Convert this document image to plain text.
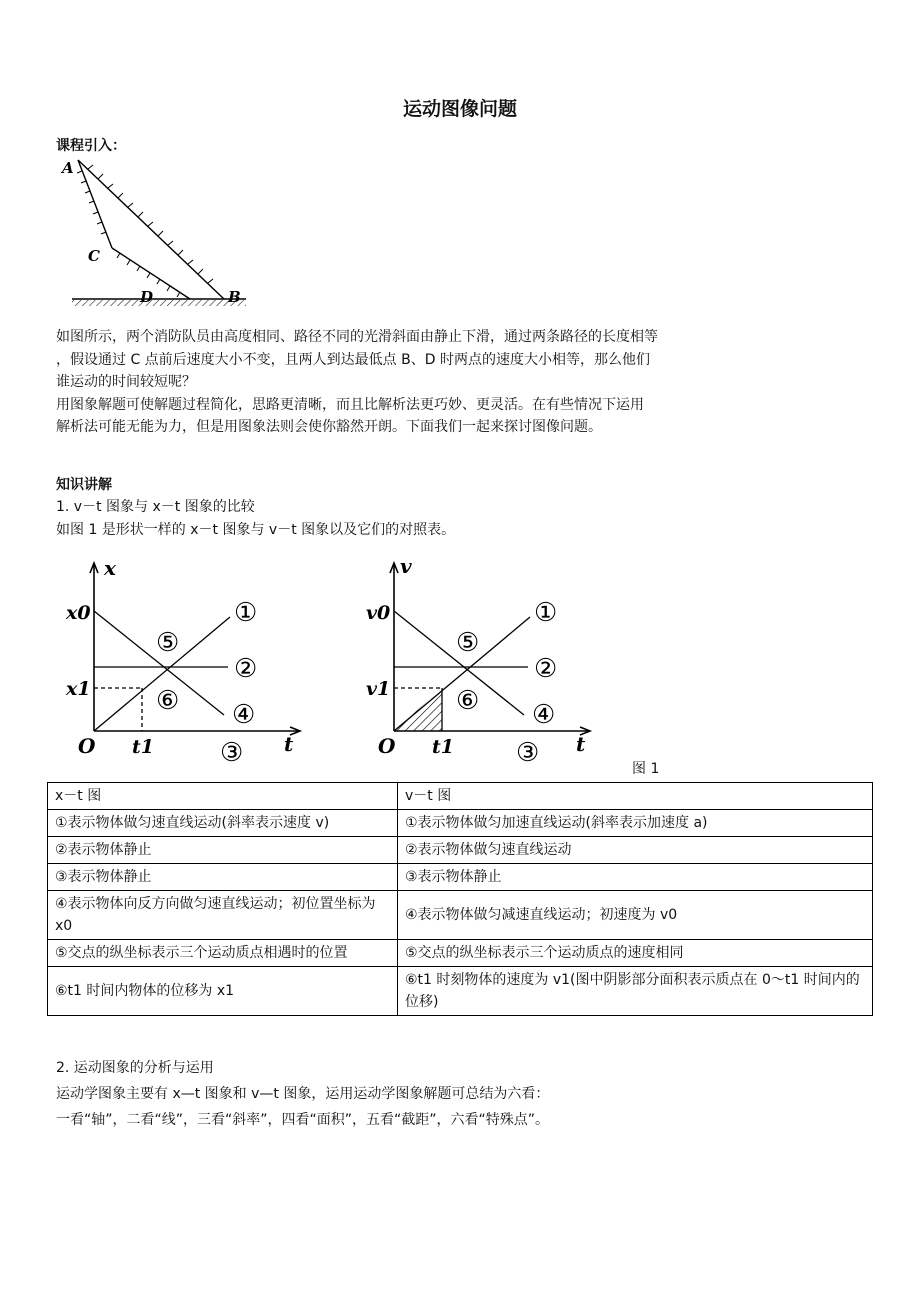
运动图像问题
课程引入：
A
C
D	B
如图所示，两个消防队员由高度相同、路径不同的光滑斜面由静止下滑，通过两条路径的长度相等
，假设通过 C 点前后速度大小不变，且两人到达最低点 B、D 时两点的速度大小相等，那么他们
谁运动的时间较短呢？
用图象解题可使解题过程简化，思路更清晰，而且比解析法更巧妙、更灵活。在有些情况下运用
解析法可能无能为力，但是用图象法则会使你豁然开朗。下面我们一起来探讨图像问题。
知识讲解
1. v－t 图象与 x－t 图象的比较
如图 1 是形状一样的 x－t 图象与 v－t 图象以及它们的对照表。
x
t
O
x0
x1
t1
①
②
③
④
⑤
⑥
v
t
O
v0
v1
t1
①
②
③
④
⑤
⑥
图 1
x－t 图	v－t 图
①表示物体做匀速直线运动(斜率表示速度 v)	①表示物体做匀加速直线运动(斜率表示加速度 a)
②表示物体静止	②表示物体做匀速直线运动
③表示物体静止	③表示物体静止
④表示物体向反方向做匀速直线运动；初位置坐标为 x0	④表示物体做匀减速直线运动；初速度为 v0
⑤交点的纵坐标表示三个运动质点相遇时的位置	⑤交点的纵坐标表示三个运动质点的速度相同
⑥t1 时间内物体的位移为 x1	⑥t1 时刻物体的速度为 v1(图中阴影部分面积表示质点在 0～t1 时间内的位移)
2. 运动图象的分析与运用
运动学图象主要有 x—t 图象和 v—t 图象，运用运动学图象解题可总结为六看：
一看“轴”，二看“线”，三看“斜率”，四看“面积”，五看“截距”，六看“特殊点”。
